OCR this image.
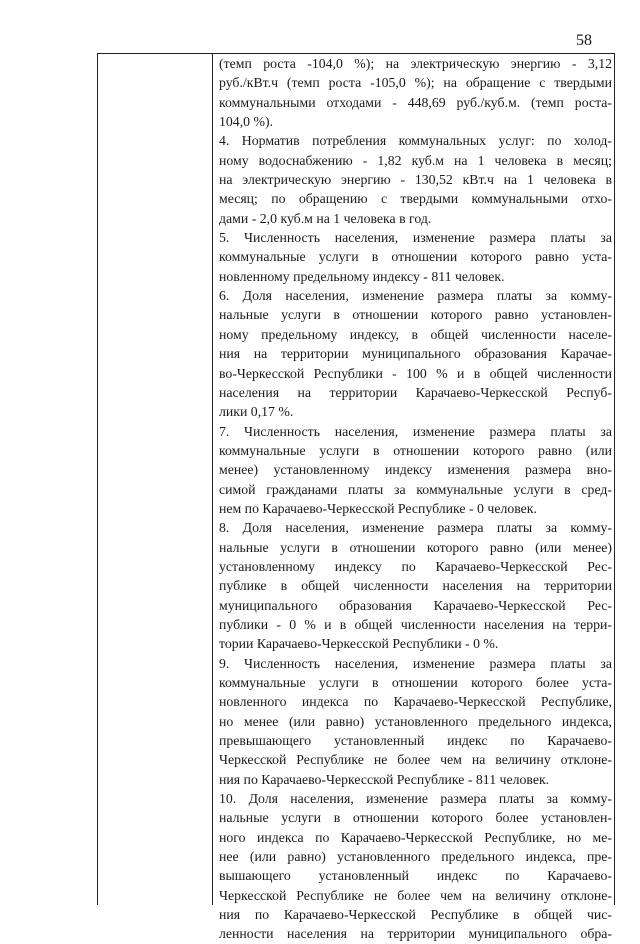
58
(темп роста -104,0 %); на электрическую энергию - 3,12
руб./кВт.ч (темп роста -105,0 %); на обращение с твердыми
коммунальными отходами - 448,69 руб./куб.м. (темп роста-
104,0 %).
4. Норматив потребления коммунальных услуг: по холод-
ному водоснабжению - 1,82 куб.м на 1 человека в месяц;
на электрическую энергию - 130,52 кВт.ч на 1 человека в
месяц; по обращению с твердыми коммунальными отхо-
дами - 2,0 куб.м на 1 человека в год.
5. Численность населения, изменение размера платы за
коммунальные услуги в отношении которого равно уста-
новленному предельному индексу - 811 человек.
6. Доля населения, изменение размера платы за комму-
нальные услуги в отношении которого равно установлен-
ному предельному индексу, в общей численности населе-
ния на территории муниципального образования Карачае-
во-Черкесской Республики - 100 % и в общей численности
населения на территории Карачаево-Черкесской Респуб-
лики 0,17 %.
7. Численность населения, изменение размера платы за
коммунальные услуги в отношении которого равно (или
менее) установленному индексу изменения размера вно-
симой гражданами платы за коммунальные услуги в сред-
нем по Карачаево-Черкесской Республике - 0 человек.
8. Доля населения, изменение размера платы за комму-
нальные услуги в отношении которого равно (или менее)
установленному индексу по Карачаево-Черкесской Рес-
публике в общей численности населения на территории
муниципального образования Карачаево-Черкесской Рес-
публики - 0 % и в общей численности населения на терри-
тории Карачаево-Черкесской Республики - 0 %.
9. Численность населения, изменение размера платы за
коммунальные услуги в отношении которого более уста-
новленного индекса по Карачаево-Черкесской Республике,
но менее (или равно) установленного предельного индекса,
превышающего установленный индекс по Карачаево-
Черкесской Республике не более чем на величину отклоне-
ния по Карачаево-Черкесской Республике - 811 человек.
10. Доля населения, изменение размера платы за комму-
нальные услуги в отношении которого более установлен-
ного индекса по Карачаево-Черкесской Республике, но ме-
нее (или равно) установленного предельного индекса, пре-
вышающего установленный индекс по Карачаево-
Черкесской Республике не более чем на величину отклоне-
ния по Карачаево-Черкесской Республике в общей чис-
ленности населения на территории муниципального обра-
